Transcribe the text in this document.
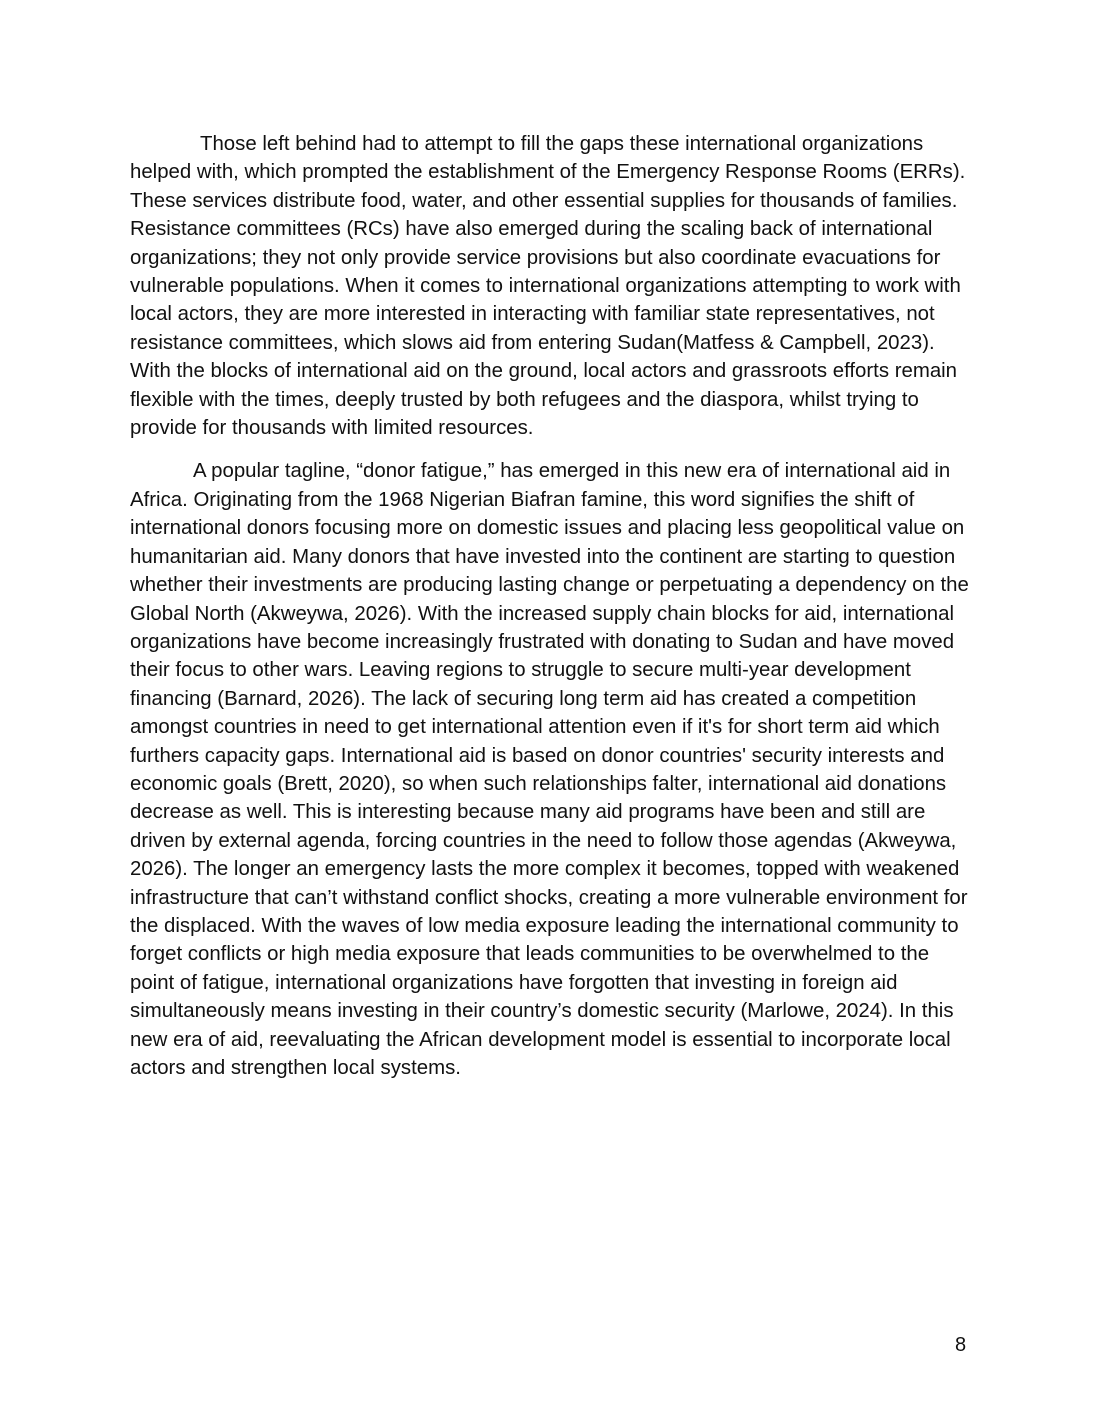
Those left behind had to attempt to fill the gaps these international organizations helped with, which prompted the establishment of the Emergency Response Rooms (ERRs). These services distribute food, water, and other essential supplies for thousands of families. Resistance committees (RCs) have also emerged during the scaling back of international organizations; they not only provide service provisions but also coordinate evacuations for vulnerable populations. When it comes to international organizations attempting to work with local actors, they are more interested in interacting with familiar state representatives, not resistance committees, which slows aid from entering Sudan(Matfess & Campbell, 2023). With the blocks of international aid on the ground, local actors and grassroots efforts remain flexible with the times, deeply trusted by both refugees and the diaspora, whilst trying to provide for thousands with limited resources.

A popular tagline, “donor fatigue,” has emerged in this new era of international aid in Africa. Originating from the 1968 Nigerian Biafran famine, this word signifies the shift of international donors focusing more on domestic issues and placing less geopolitical value on humanitarian aid. Many donors that have invested into the continent are starting to question whether their investments are producing lasting change or perpetuating a dependency on the Global North (Akweywa, 2026). With the increased supply chain blocks for aid, international organizations have become increasingly frustrated with donating to Sudan and have moved their focus to other wars. Leaving regions to struggle to secure multi-year development financing (Barnard, 2026). The lack of securing long term aid has created a competition amongst countries in need to get international attention even if it's for short term aid which furthers capacity gaps. International aid is based on donor countries' security interests and economic goals (Brett, 2020), so when such relationships falter, international aid donations decrease as well. This is interesting because many aid programs have been and still are driven by external agenda, forcing countries in the need to follow those agendas (Akweywa, 2026). The longer an emergency lasts the more complex it becomes, topped with weakened infrastructure that can’t withstand conflict shocks, creating a more vulnerable environment for the displaced. With the waves of low media exposure leading the international community to forget conflicts or high media exposure that leads communities to be overwhelmed to the point of fatigue, international organizations have forgotten that investing in foreign aid simultaneously means investing in their country’s domestic security (Marlowe, 2024). In this new era of aid, reevaluating the African development model is essential to incorporate local actors and strengthen local systems.

8
